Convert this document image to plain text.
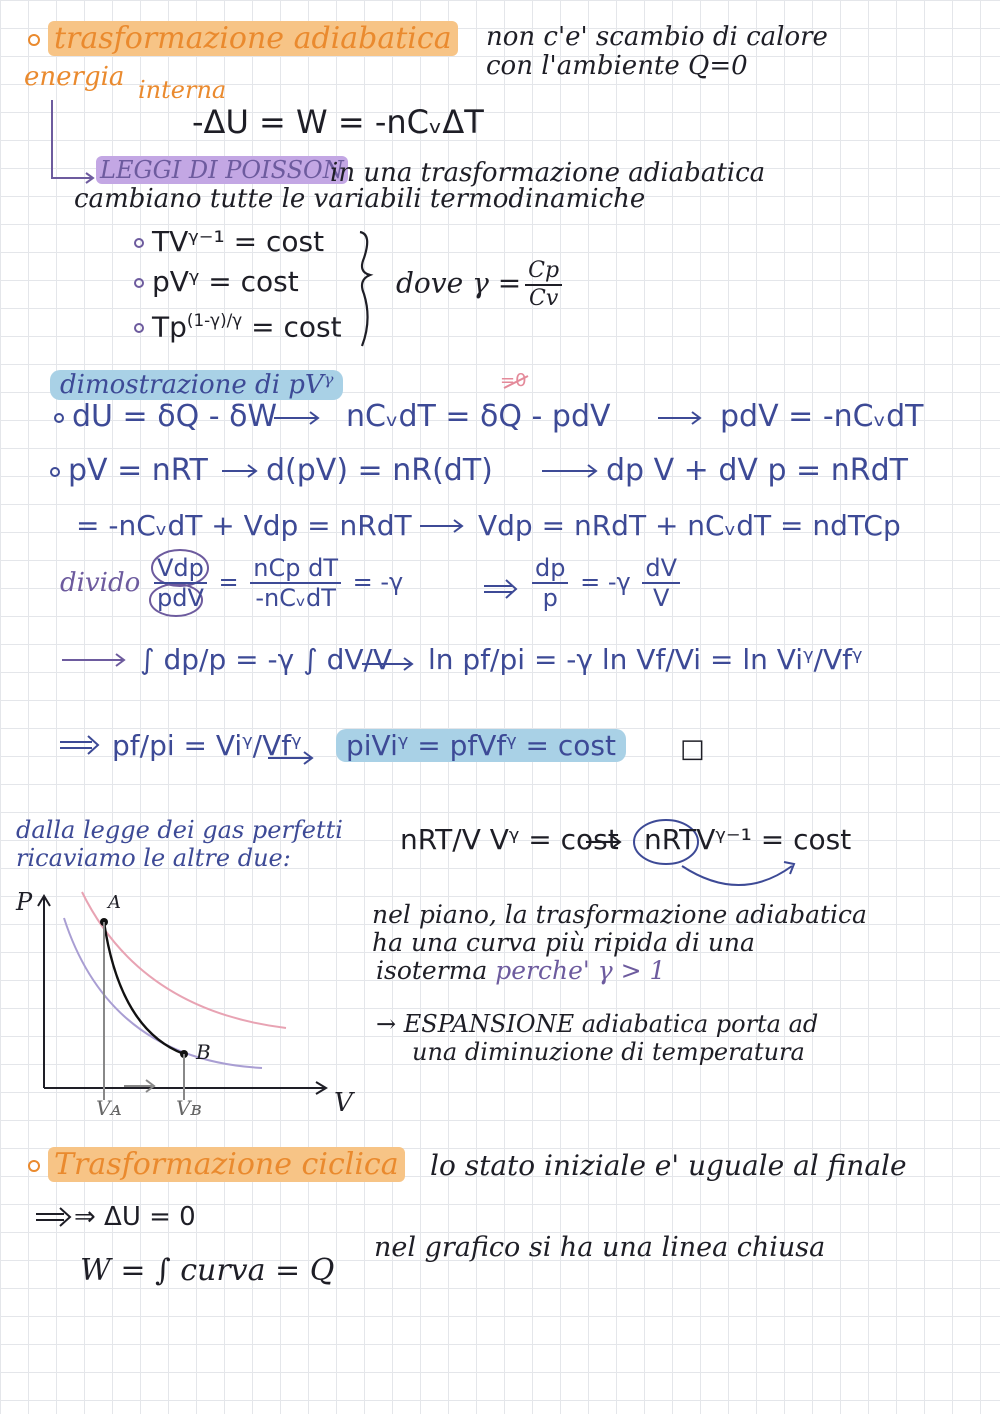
trasformazione adiabatica non c'e' scambio di calore
con l'ambiente Q=0
energia interna
-ΔU = W = -nCᵥΔT
LEGGI DI POISSON
in una trasformazione adiabatica
cambiano tutte le variabili termodinamiche
TVᵞ⁻¹ = cost
pVᵞ = cost
$Tp^{(1-\gamma)/\gamma} = \cos t$
dove $\gamma = \frac{Cp}{Cv}$
dimostrazione di pVᵞ	=0
dU = δQ - δW nCᵥdT = δQ - pdV	pdV = -nCᵥdT
pV = nRT d(pV) = nR(dT)	dp V + dV p = nRdT
= -nCᵥdT + Vdp = nRdT Vdp = nRdT + nCᵥdT = ndTCp
divido $\frac{\text{Vdp}}{\text{pdV}} = \frac{\text{nCp dT}}{\text{-nCᵥdT}} = -\gamma$	$\frac{dp}{p} = -\gamma \frac{dV}{V}$
∫ dp/p = -γ ∫ dV/V ln pf/pi = -γ ln Vf/Vi = ln Viᵞ/Vfᵞ
pf/pi = Viᵞ/Vfᵞ	piViᵞ = pfVfᵞ = cost	□
dalla legge dei gas perfetti
ricaviamo le altre due:
nRT/V Vᵞ = cost nRTVᵞ⁻¹ = cost
P
V
A
B
Vᴀ	Vʙ
nel piano, la trasformazione adiabatica
ha una curva più ripida di una
isoterma perche' γ > 1
→ ESPANSIONE adiabatica porta ad
una diminuzione di temperatura
Trasformazione ciclica lo stato iniziale e' uguale al finale
⇒ ΔU = 0
W = ∫ curva = Q
nel grafico si ha una linea chiusa
